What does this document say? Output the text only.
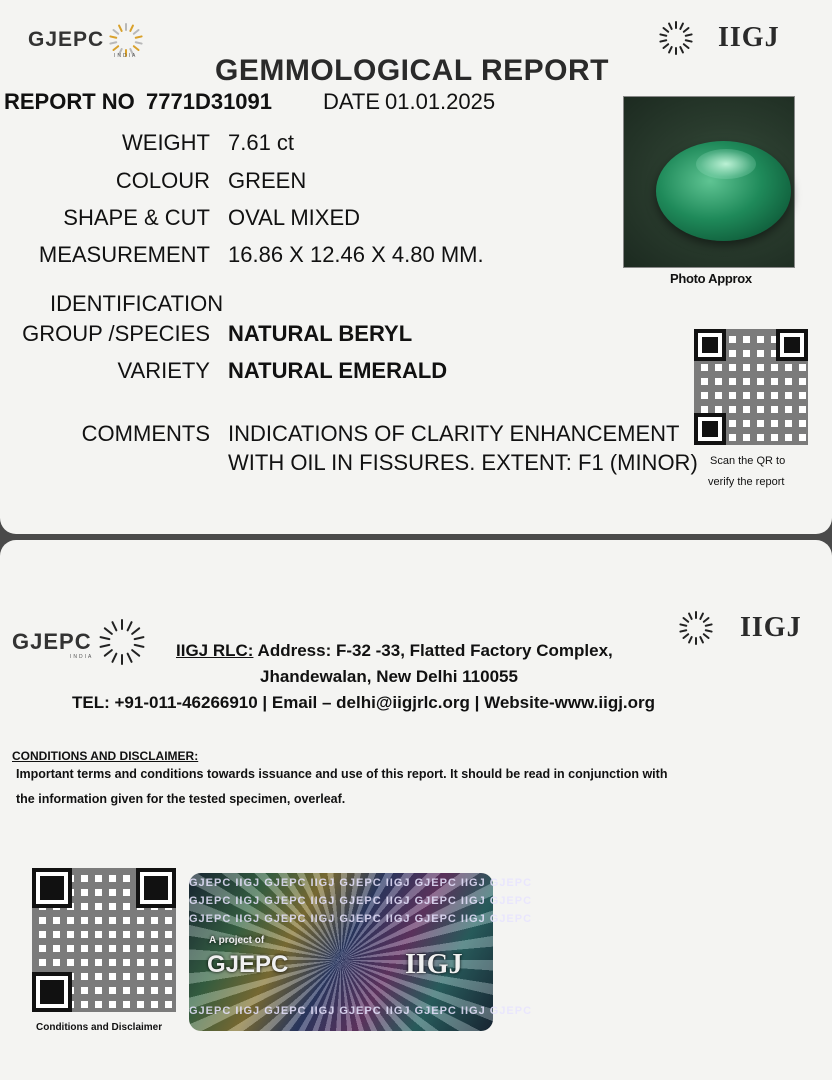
GJEPC
INDIA
IIGJ
GEMMOLOGICAL REPORT
REPORT NO 7771D31091 DATE 01.01.2025
WEIGHT 7.61 ct
COLOUR GREEN
SHAPE & CUT OVAL MIXED
MEASUREMENT 16.86 X 12.46 X 4.80 MM.
IDENTIFICATION
GROUP /SPECIES NATURAL BERYL
VARIETY NATURAL EMERALD
COMMENTS INDICATIONS OF CLARITY ENHANCEMENT
WITH OIL IN FISSURES. EXTENT: F1 (MINOR)
Photo Approx
Scan the QR to
verify the report
GJEPC
INDIA
IIGJ
IIGJ RLC: Address: F-32 -33, Flatted Factory Complex,
Jhandewalan, New Delhi 110055
TEL: +91-011-46266910 | Email – delhi@iigjrlc.org | Website-www.iigj.org
CONDITIONS AND DISCLAIMER:
Important terms and conditions towards issuance and use of this report. It should be read in conjunction with
the information given for the tested specimen, overleaf.
Conditions and Disclaimer
GJEPC IIGJ GJEPC IIGJ GJEPC IIGJ GJEPC IIGJ GJEPC
GJEPC IIGJ GJEPC IIGJ GJEPC IIGJ GJEPC IIGJ GJEPC
GJEPC IIGJ GJEPC IIGJ GJEPC IIGJ GJEPC IIGJ GJEPC
A project of
GJEPC	IIGJ
GJEPC IIGJ GJEPC IIGJ GJEPC IIGJ GJEPC IIGJ GJEPC
